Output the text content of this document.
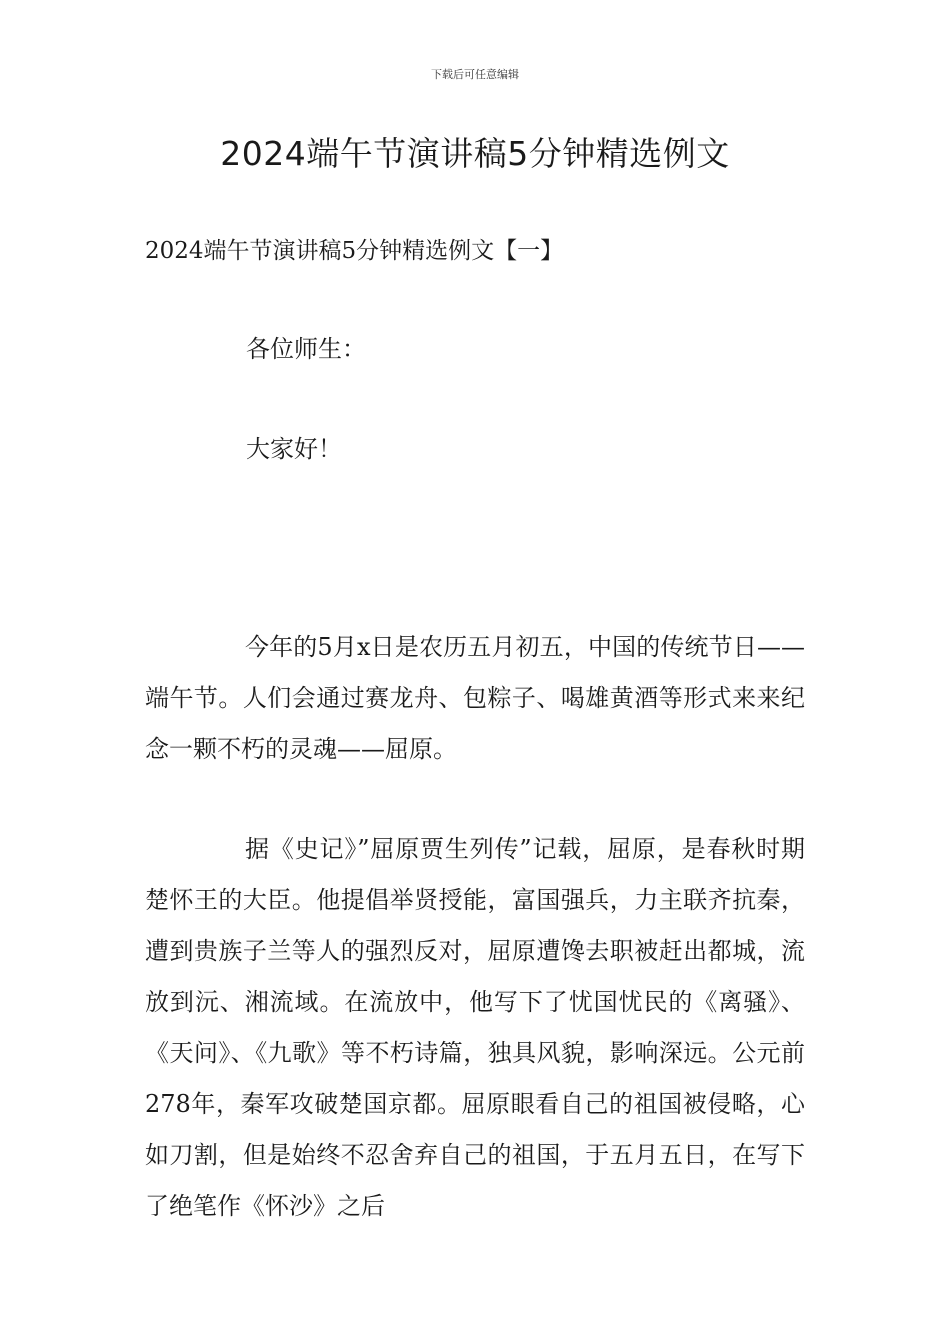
下载后可任意编辑
2024端午节演讲稿5分钟精选例文
2024端午节演讲稿5分钟精选例文【一】
各位师生：
大家好！

今年的5月x日是农历五月初五，中国的传统节日——端午节。人们会通过赛龙舟、包粽子、喝雄黄酒等形式来来纪念一颗不朽的灵魂——屈原。

据《史记》”屈原贾生列传”记载，屈原，是春秋时期楚怀王的大臣。他提倡举贤授能，富国强兵，力主联齐抗秦，遭到贵族子兰等人的强烈反对，屈原遭馋去职被赶出都城，流放到沅、湘流域。在流放中，他写下了忧国忧民的《离骚》、《天问》、《九歌》等不朽诗篇，独具风貌，影响深远。公元前278年，秦军攻破楚国京都。屈原眼看自己的祖国被侵略，心如刀割，但是始终不忍舍弃自己的祖国，于五月五日，在写下了绝笔作《怀沙》之后
